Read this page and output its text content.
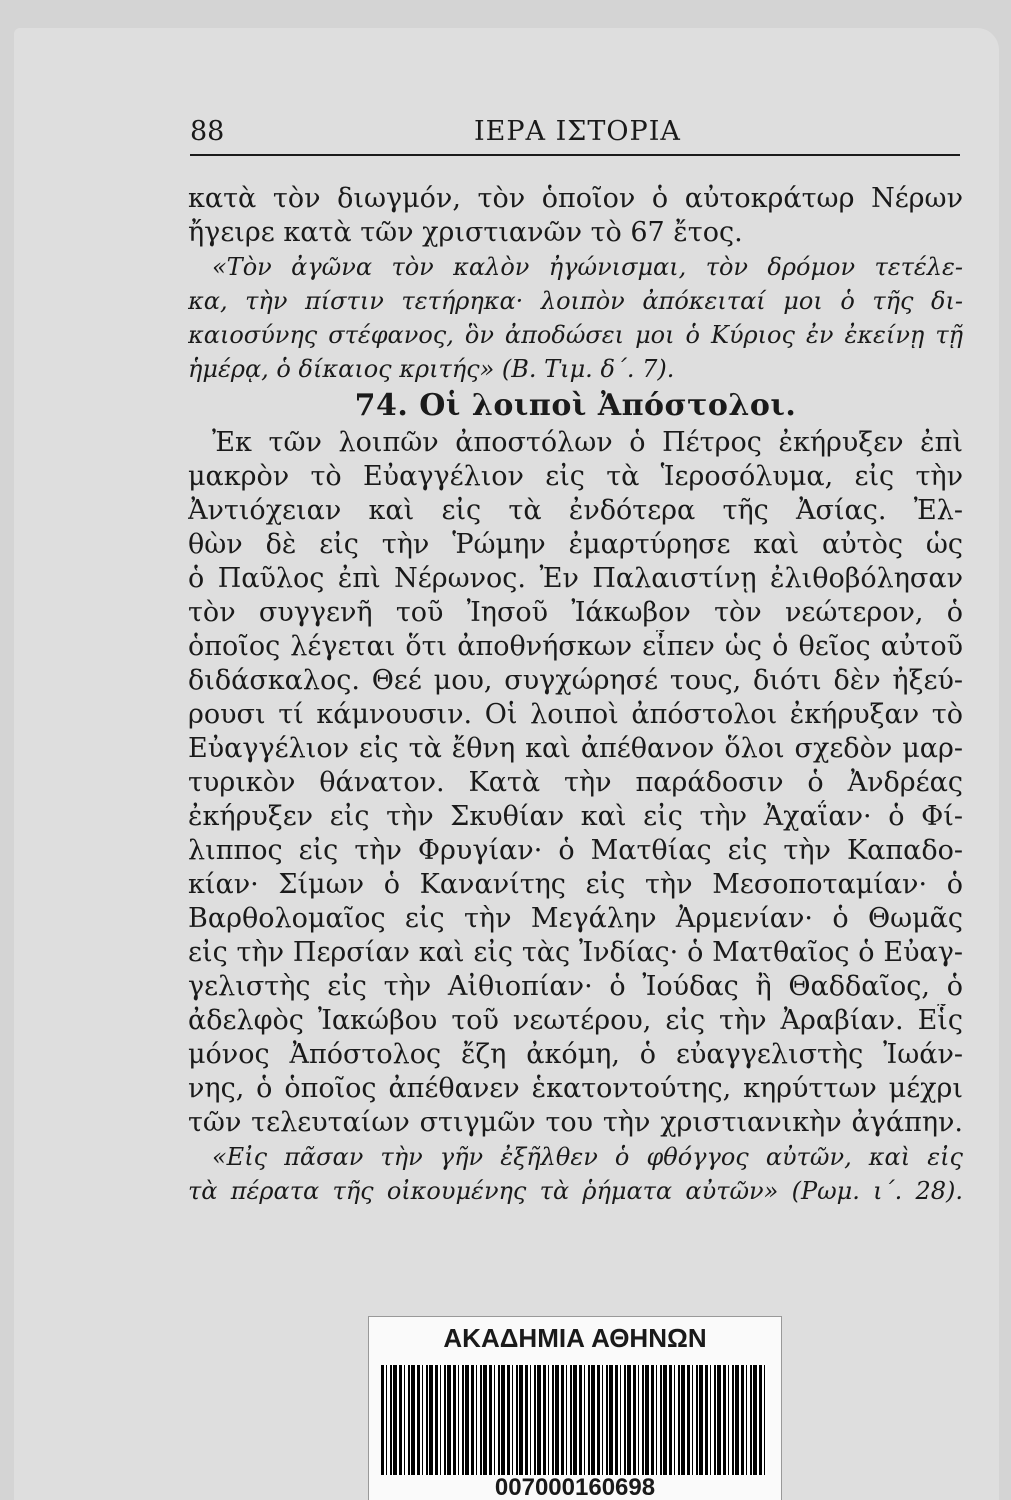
88	ΙΕΡΑ ΙΣΤΟΡΙΑ
κατὰ τὸν διωγμόν, τὸν ὁποῖον ὁ αὐτοκράτωρ Νέρων
ἤγειρε κατὰ τῶν χριστιανῶν τὸ 67 ἔτος.
«Τὸν ἀγῶνα τὸν καλὸν ἠγώνισμαι, τὸν δρόμον τετέλε-
κα, τὴν πίστιν τετήρηκα· λοιπὸν ἀπόκειταί μοι ὁ τῆς δι-
καιοσύνης στέφανος, ὃν ἀποδώσει μοι ὁ Κύριος ἐν ἐκείνῃ τῇ
ἡμέρᾳ, ὁ δίκαιος κριτής» (Β. Τιμ. δ΄. 7).
74. Οἱ λοιποὶ Ἀπόστολοι.
Ἐκ τῶν λοιπῶν ἀποστόλων ὁ Πέτρος ἐκήρυξεν ἐπὶ
μακρὸν τὸ Εὐαγγέλιον εἰς τὰ Ἱεροσόλυμα, εἰς τὴν
Ἀντιόχειαν καὶ εἰς τὰ ἐνδότερα τῆς Ἀσίας. Ἐλ-
θὼν δὲ εἰς τὴν Ῥώμην ἐμαρτύρησε καὶ αὐτὸς ὡς
ὁ Παῦλος ἐπὶ Νέρωνος. Ἐν Παλαιστίνῃ ἐλιθοβόλησαν
τὸν συγγενῆ τοῦ Ἰησοῦ Ἰάκωβον τὸν νεώτερον, ὁ
ὁποῖος λέγεται ὅτι ἀποθνήσκων εἶπεν ὡς ὁ θεῖος αὐτοῦ
διδάσκαλος. Θεέ μου, συγχώρησέ τους, διότι δὲν ἠξεύ-
ρουσι τί κάμνουσιν. Οἱ λοιποὶ ἀπόστολοι ἐκήρυξαν τὸ
Εὐαγγέλιον εἰς τὰ ἔθνη καὶ ἀπέθανον ὅλοι σχεδὸν μαρ-
τυρικὸν θάνατον. Κατὰ τὴν παράδοσιν ὁ Ἀνδρέας
ἐκήρυξεν εἰς τὴν Σκυθίαν καὶ εἰς τὴν Ἀχαΐαν· ὁ Φί-
λιππος εἰς τὴν Φρυγίαν· ὁ Ματθίας εἰς τὴν Καπαδο-
κίαν· Σίμων ὁ Κανανίτης εἰς τὴν Μεσοποταμίαν· ὁ
Βαρθολομαῖος εἰς τὴν Μεγάλην Ἀρμενίαν· ὁ Θωμᾶς
εἰς τὴν Περσίαν καὶ εἰς τὰς Ἰνδίας· ὁ Ματθαῖος ὁ Εὐαγ-
γελιστὴς εἰς τὴν Αἰθιοπίαν· ὁ Ἰούδας ἢ Θαδδαῖος, ὁ
ἀδελφὸς Ἰακώβου τοῦ νεωτέρου, εἰς τὴν Ἀραβίαν. Εἷς
μόνος Ἀπόστολος ἔζη ἀκόμη, ὁ εὐαγγελιστὴς Ἰωάν-
νης, ὁ ὁποῖος ἀπέθανεν ἑκατοντούτης, κηρύττων μέχρι
τῶν τελευταίων στιγμῶν του τὴν χριστιανικὴν ἀγάπην.
«Εἰς πᾶσαν τὴν γῆν ἐξῆλθεν ὁ φθόγγος αὐτῶν, καὶ εἰς
τὰ πέρατα τῆς οἰκουμένης τὰ ῥήματα αὐτῶν» (Ρωμ. ι΄. 28).
ΑΚΑΔΗΜΙΑ ΑΘΗΝΩΝ
007000160698
